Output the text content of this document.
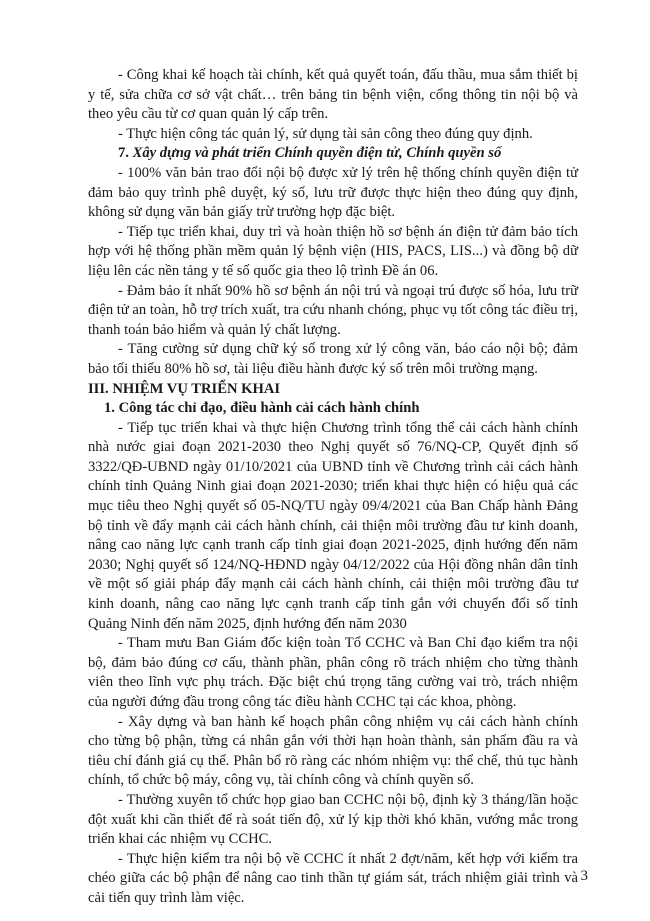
- Công khai kế hoạch tài chính, kết quả quyết toán, đấu thầu, mua sắm thiết bị y tế, sửa chữa cơ sở vật chất… trên bảng tin bệnh viện, cổng thông tin nội bộ và theo yêu cầu từ cơ quan quản lý cấp trên.

- Thực hiện công tác quản lý, sử dụng tài sản công theo đúng quy định.

7. Xây dựng và phát triển Chính quyền điện tử, Chính quyền số

- 100% văn bản trao đổi nội bộ được xử lý trên hệ thống chính quyền điện tử đảm bảo quy trình phê duyệt, ký số, lưu trữ được thực hiện theo đúng quy định, không sử dụng văn bản giấy trừ trường hợp đặc biệt.

- Tiếp tục triển khai, duy trì và hoàn thiện hồ sơ bệnh án điện tử đảm bảo tích hợp với hệ thống phần mềm quản lý bệnh viện (HIS, PACS, LIS...) và đồng bộ dữ liệu lên các nền tảng y tế số quốc gia theo lộ trình Đề án 06.

- Đảm bảo ít nhất 90% hồ sơ bệnh án nội trú và ngoại trú được số hóa, lưu trữ điện tử an toàn, hỗ trợ trích xuất, tra cứu nhanh chóng, phục vụ tốt công tác điều trị, thanh toán bảo hiểm và quản lý chất lượng.

- Tăng cường sử dụng chữ ký số trong xử lý công văn, báo cáo nội bộ; đảm bảo tối thiểu 80% hồ sơ, tài liệu điều hành được ký số trên môi trường mạng.

III. NHIỆM VỤ TRIỂN KHAI

1. Công tác chỉ đạo, điều hành cải cách hành chính

- Tiếp tục triển khai và thực hiện Chương trình tổng thể cải cách hành chính nhà nước giai đoạn 2021-2030 theo Nghị quyết số 76/NQ-CP, Quyết định số 3322/QĐ-UBND ngày 01/10/2021 của UBND tỉnh về Chương trình cải cách hành chính tỉnh Quảng Ninh giai đoạn 2021-2030; triển khai thực hiện có hiệu quả các mục tiêu theo Nghị quyết số 05-NQ/TU ngày 09/4/2021 của Ban Chấp hành Đảng bộ tỉnh về đẩy mạnh cải cách hành chính, cải thiện môi trường đầu tư kinh doanh, nâng cao năng lực cạnh tranh cấp tỉnh giai đoạn 2021-2025, định hướng đến năm 2030; Nghị quyết số 124/NQ-HĐND ngày 04/12/2022 của Hội đồng nhân dân tỉnh về một số giải pháp đẩy mạnh cải cách hành chính, cải thiện môi trường đầu tư kinh doanh, nâng cao năng lực cạnh tranh cấp tỉnh gắn với chuyển đổi số tỉnh Quảng Ninh đến năm 2025, định hướng đến năm 2030

- Tham mưu Ban Giám đốc kiện toàn Tổ CCHC và Ban Chỉ đạo kiểm tra nội bộ, đảm bảo đúng cơ cấu, thành phần, phân công rõ trách nhiệm cho từng thành viên theo lĩnh vực phụ trách. Đặc biệt chú trọng tăng cường vai trò, trách nhiệm của người đứng đầu trong công tác điều hành CCHC tại các khoa, phòng.

- Xây dựng và ban hành kế hoạch phân công nhiệm vụ cải cách hành chính cho từng bộ phận, từng cá nhân gắn với thời hạn hoàn thành, sản phẩm đầu ra và tiêu chí đánh giá cụ thể. Phân bổ rõ ràng các nhóm nhiệm vụ: thể chế, thủ tục hành chính, tổ chức bộ máy, công vụ, tài chính công và chính quyền số.

- Thường xuyên tổ chức họp giao ban CCHC nội bộ, định kỳ 3 tháng/lần hoặc đột xuất khi cần thiết để rà soát tiến độ, xử lý kịp thời khó khăn, vướng mắc trong triển khai các nhiệm vụ CCHC.

- Thực hiện kiểm tra nội bộ về CCHC ít nhất 2 đợt/năm, kết hợp với kiểm tra chéo giữa các bộ phận để nâng cao tinh thần tự giám sát, trách nhiệm giải trình và cải tiến quy trình làm việc.

3
